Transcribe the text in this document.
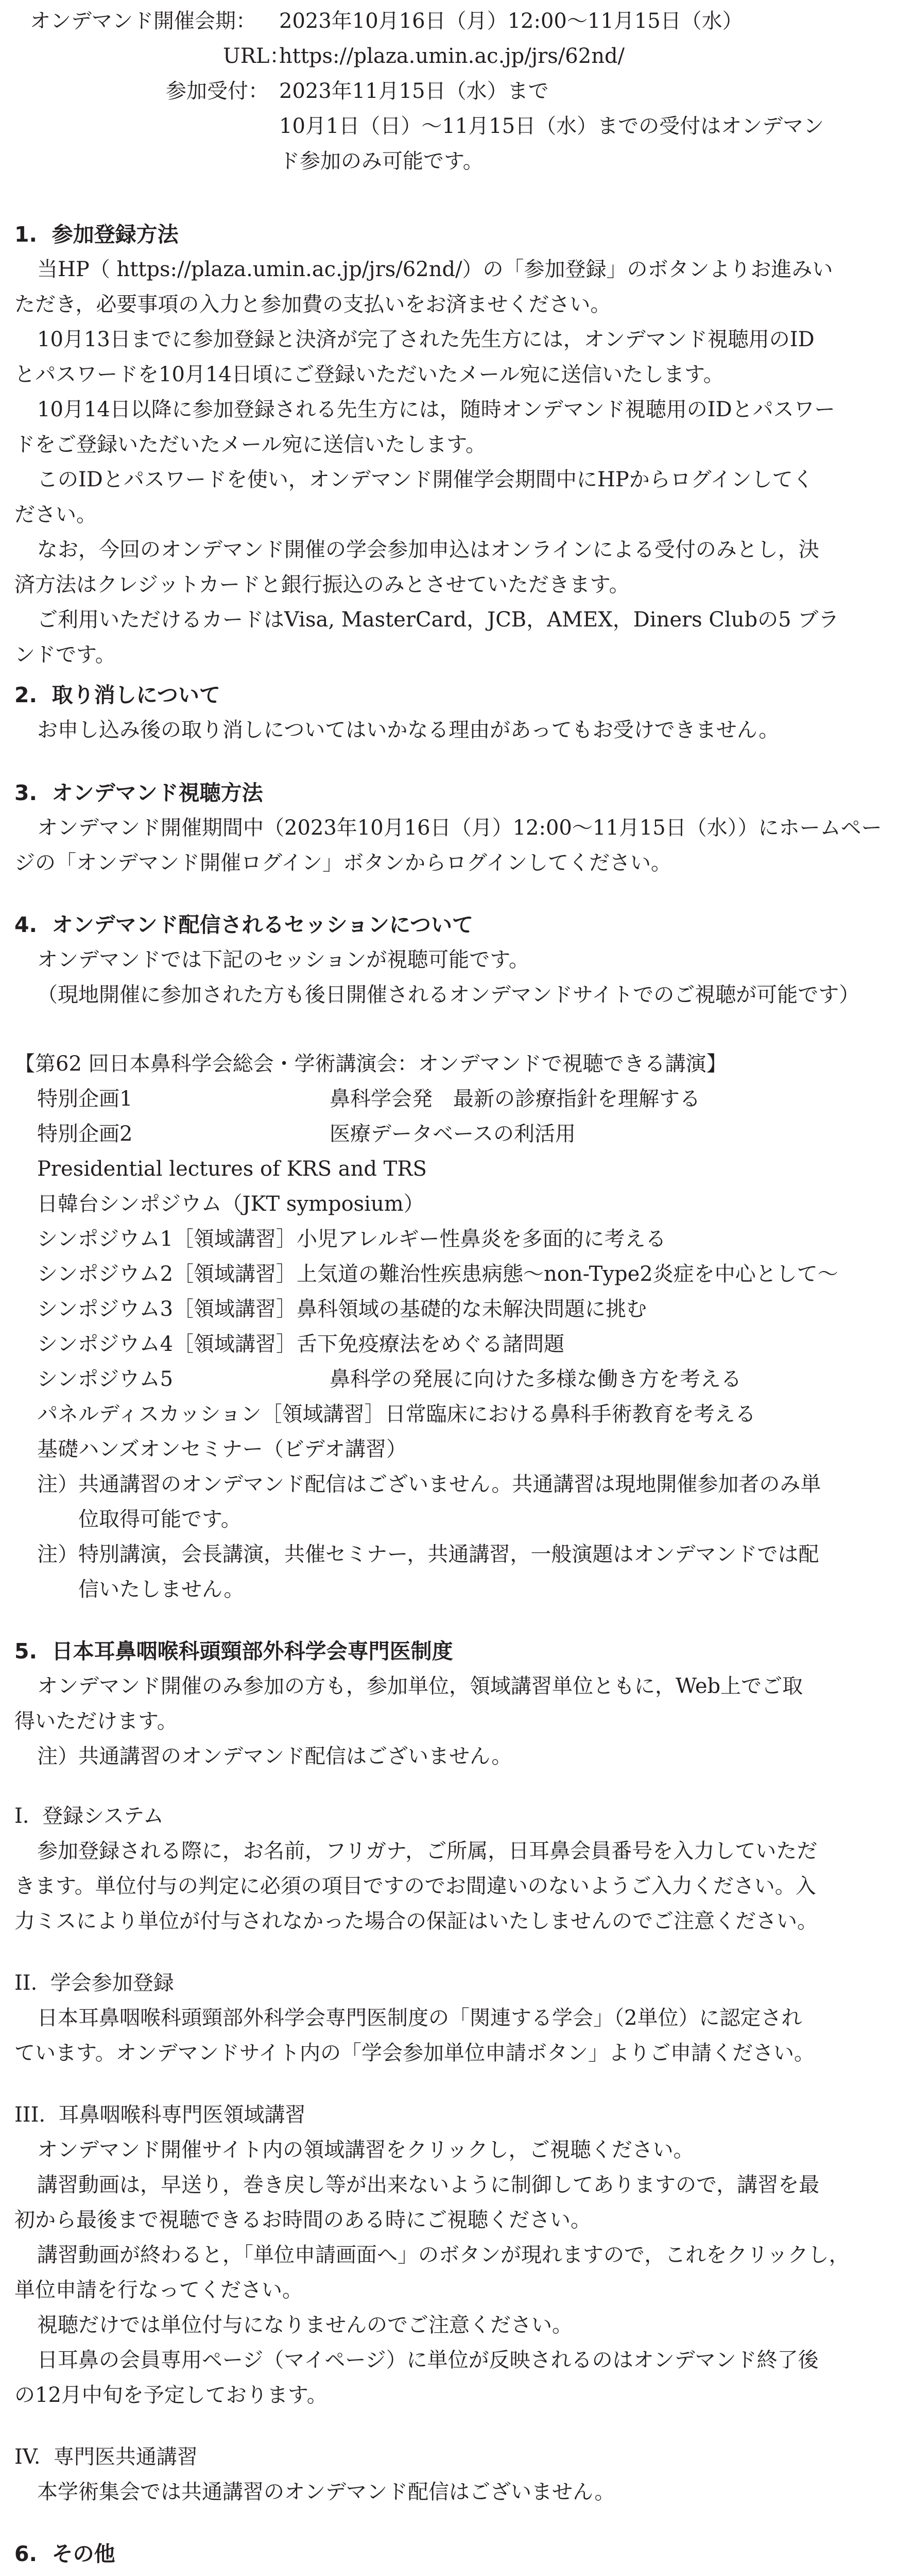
オンデマンド開催会期： 2023年10月16日（月）12:00～11月15日（水）
URL：
https://plaza.umin.ac.jp/jrs/62nd/
参加受付： 2023年11月15日（水）まで
10月1日（日）～11月15日（水）までの受付はオンデマン
ド参加のみ可能です。
1.  参加登録方法
当HP（ https://plaza.umin.ac.jp/jrs/62nd/）の「参加登録」のボタンよりお進みい
ただき，必要事項の入力と参加費の支払いをお済ませください。
10月13日までに参加登録と決済が完了された先生方には，オンデマンド視聴用のID
とパスワードを10月14日頃にご登録いただいたメール宛に送信いたします。
10月14日以降に参加登録される先生方には，随時オンデマンド視聴用のIDとパスワー
ドをご登録いただいたメール宛に送信いたします。
このIDとパスワードを使い，オンデマンド開催学会期間中にHPからログインしてく
ださい。
なお，今回のオンデマンド開催の学会参加申込はオンラインによる受付のみとし，決
済方法はクレジットカードと銀行振込のみとさせていただきます。
ご利用いただけるカードはVisa, MasterCard，JCB，AMEX，Diners Clubの5 ブラ
ンドです。
2.  取り消しについて
お申し込み後の取り消しについてはいかなる理由があってもお受けできません。
3.  オンデマンド視聴方法
オンデマンド開催期間中（2023年10月16日（月）12:00～11月15日（水））にホームペー
ジの「オンデマンド開催ログイン」ボタンからログインしてください。
4.  オンデマンド配信されるセッションについて
オンデマンドでは下記のセッションが視聴可能です。
（現地開催に参加された方も後日開催されるオンデマンドサイトでのご視聴が可能です）
【第62 回日本鼻科学会総会・学術講演会：オンデマンドで視聴できる講演】
特別企画1	鼻科学会発　最新の診療指針を理解する
特別企画2	医療データベースの利活用
Presidential lectures of KRS and TRS
日韓台シンポジウム（JKT symposium）
シンポジウム1［領域講習］小児アレルギー性鼻炎を多面的に考える
シンポジウム2［領域講習］上気道の難治性疾患病態～non-Type2炎症を中心として～
シンポジウム3［領域講習］鼻科領域の基礎的な未解決問題に挑む
シンポジウム4［領域講習］舌下免疫療法をめぐる諸問題
シンポジウム5	鼻科学の発展に向けた多様な働き方を考える
パネルディスカッション［領域講習］日常臨床における鼻科手術教育を考える
基礎ハンズオンセミナー（ビデオ講習）
注） 共通講習のオンデマンド配信はございません。共通講習は現地開催参加者のみ単
位取得可能です。
注） 特別講演，会長講演，共催セミナー，共通講習，一般演題はオンデマンドでは配
信いたしません。
5.  日本耳鼻咽喉科頭頸部外科学会専門医制度
オンデマンド開催のみ参加の方も，参加単位，領域講習単位ともに，Web上でご取
得いただけます。
注）共通講習のオンデマンド配信はございません。
I.  登録システム
参加登録される際に，お名前，フリガナ，ご所属，日耳鼻会員番号を入力していただ
きます。単位付与の判定に必須の項目ですのでお間違いのないようご入力ください。入
力ミスにより単位が付与されなかった場合の保証はいたしませんのでご注意ください。
II.  学会参加登録
日本耳鼻咽喉科頭頸部外科学会専門医制度の「関連する学会」（2単位）に認定され
ています。オンデマンドサイト内の「学会参加単位申請ボタン」よりご申請ください。
III.  耳鼻咽喉科専門医領域講習
オンデマンド開催サイト内の領域講習をクリックし，ご視聴ください。
講習動画は，早送り，巻き戻し等が出来ないように制御してありますので，講習を最
初から最後まで視聴できるお時間のある時にご視聴ください。
講習動画が終わると，「単位申請画面へ」のボタンが現れますので，これをクリックし，
単位申請を行なってください。
視聴だけでは単位付与になりませんのでご注意ください。
日耳鼻の会員専用ページ（マイページ）に単位が反映されるのはオンデマンド終了後
の12月中旬を予定しております。
IV.  専門医共通講習
本学術集会では共通講習のオンデマンド配信はございません。
6.  その他
